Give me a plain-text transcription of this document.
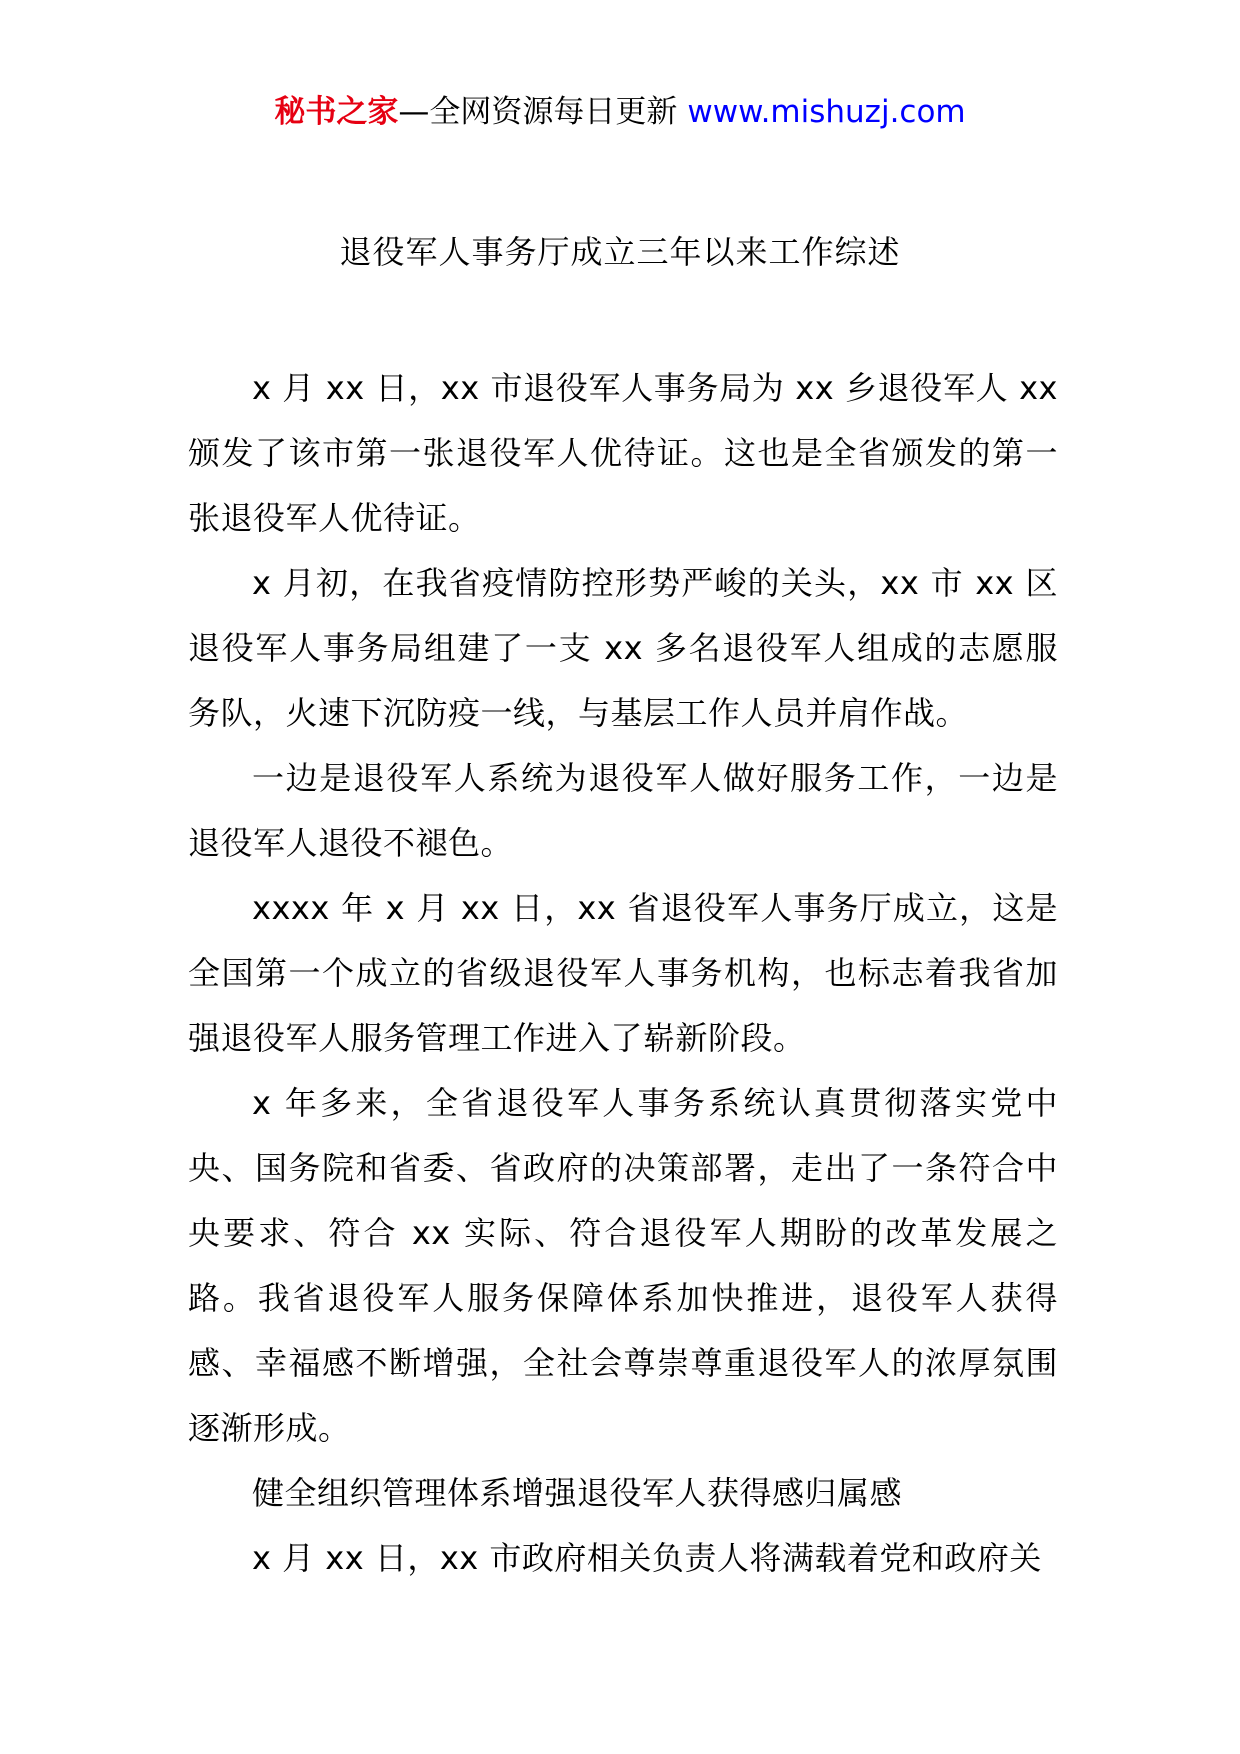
秘书之家—全网资源每日更新 www.mishuzj.com
退役军人事务厅成立三年以来工作综述

x 月 xx 日，xx 市退役军人事务局为 xx 乡退役军人 xx 颁发了该市第一张退役军人优待证。这也是全省颁发的第一张退役军人优待证。

x 月初，在我省疫情防控形势严峻的关头，xx 市 xx 区退役军人事务局组建了一支 xx 多名退役军人组成的志愿服务队，火速下沉防疫一线，与基层工作人员并肩作战。

一边是退役军人系统为退役军人做好服务工作，一边是退役军人退役不褪色。

xxxx 年 x 月 xx 日，xx 省退役军人事务厅成立，这是全国第一个成立的省级退役军人事务机构，也标志着我省加强退役军人服务管理工作进入了崭新阶段。

x 年多来，全省退役军人事务系统认真贯彻落实党中央、国务院和省委、省政府的决策部署，走出了一条符合中央要求、符合 xx 实际、符合退役军人期盼的改革发展之路。我省退役军人服务保障体系加快推进，退役军人获得感、幸福感不断增强，全社会尊崇尊重退役军人的浓厚氛围逐渐形成。

健全组织管理体系增强退役军人获得感归属感

x 月 xx 日，xx 市政府相关负责人将满载着党和政府关
